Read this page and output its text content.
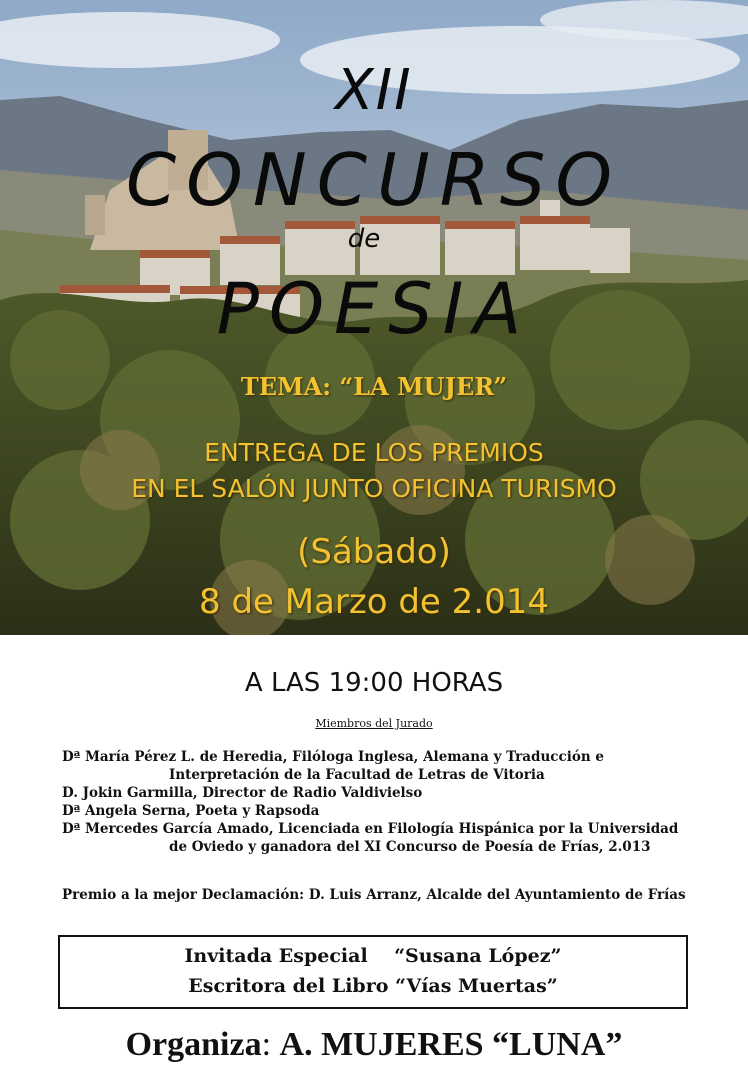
XII
CONCURSO
de
POESIA
TEMA: “LA MUJER”
ENTREGA DE LOS PREMIOS
EN EL SALÓN JUNTO OFICINA TURISMO
(Sábado)
8 de Marzo de 2.014
A LAS 19:00 HORAS
Miembros del Jurado
Dª María Pérez L. de Heredia, Filóloga Inglesa, Alemana y Traducción e
Interpretación de la Facultad de Letras de Vitoria
D. Jokin Garmilla, Director de Radio Valdivielso
Dª Angela Serna, Poeta y Rapsoda
Dª Mercedes García Amado, Licenciada en Filología Hispánica por la Universidad
de Oviedo y ganadora del XI Concurso de Poesía de Frías, 2.013
Premio a la mejor Declamación: D. Luis Arranz, Alcalde del Ayuntamiento de Frías
Invitada Especial    “Susana López”
Escritora del Libro “Vías Muertas”
Organiza: A. MUJERES “LUNA”
